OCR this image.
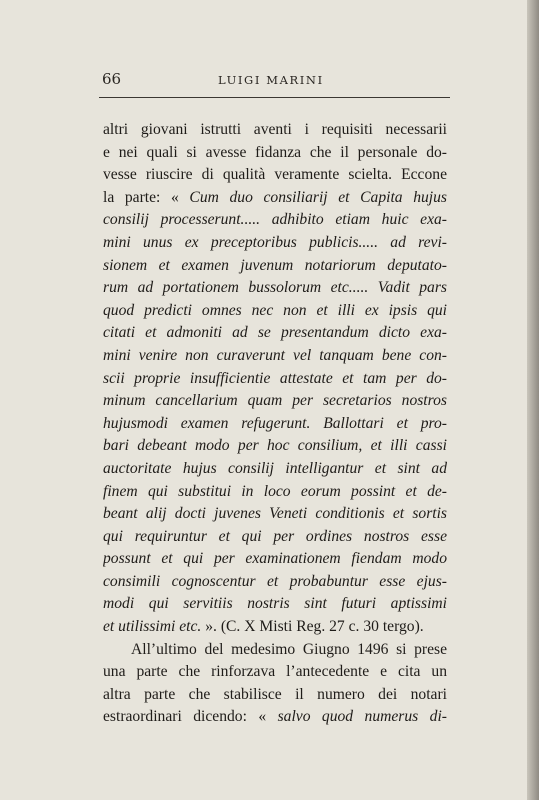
66	LUIGI MARINI
altri giovani istrutti aventi i requisiti necessarii
e nei quali si avesse fidanza che il personale do-
vesse riuscire di qualità veramente scielta. Eccone
la parte: « Cum duo consiliarij et Capita hujus
consilij processerunt..... adhibito etiam huic exa-
mini unus ex preceptoribus publicis..... ad revi-
sionem et examen juvenum notariorum deputato-
rum ad portationem bussolorum etc..... Vadit pars
quod predicti omnes nec non et illi ex ipsis qui
citati et admoniti ad se presentandum dicto exa-
mini venire non curaverunt vel tanquam bene con-
scii proprie insufficientie attestate et tam per do-
minum cancellarium quam per secretarios nostros
hujusmodi examen refugerunt. Ballottari et pro-
bari debeant modo per hoc consilium, et illi cassi
auctoritate hujus consilij intelligantur et sint ad
finem qui substitui in loco eorum possint et de-
beant alij docti juvenes Veneti conditionis et sortis
qui requiruntur et qui per ordines nostros esse
possunt et qui per examinationem fiendam modo
consimili cognoscentur et probabuntur esse ejus-
modi qui servitiis nostris sint futuri aptissimi
et utilissimi etc. ». (C. X Misti Reg. 27 c. 30 tergo).
All’ultimo del medesimo Giugno 1496 si prese
una parte che rinforzava l’antecedente e cita un
altra parte che stabilisce il numero dei notari
estraordinari dicendo: « salvo quod numerus di-
